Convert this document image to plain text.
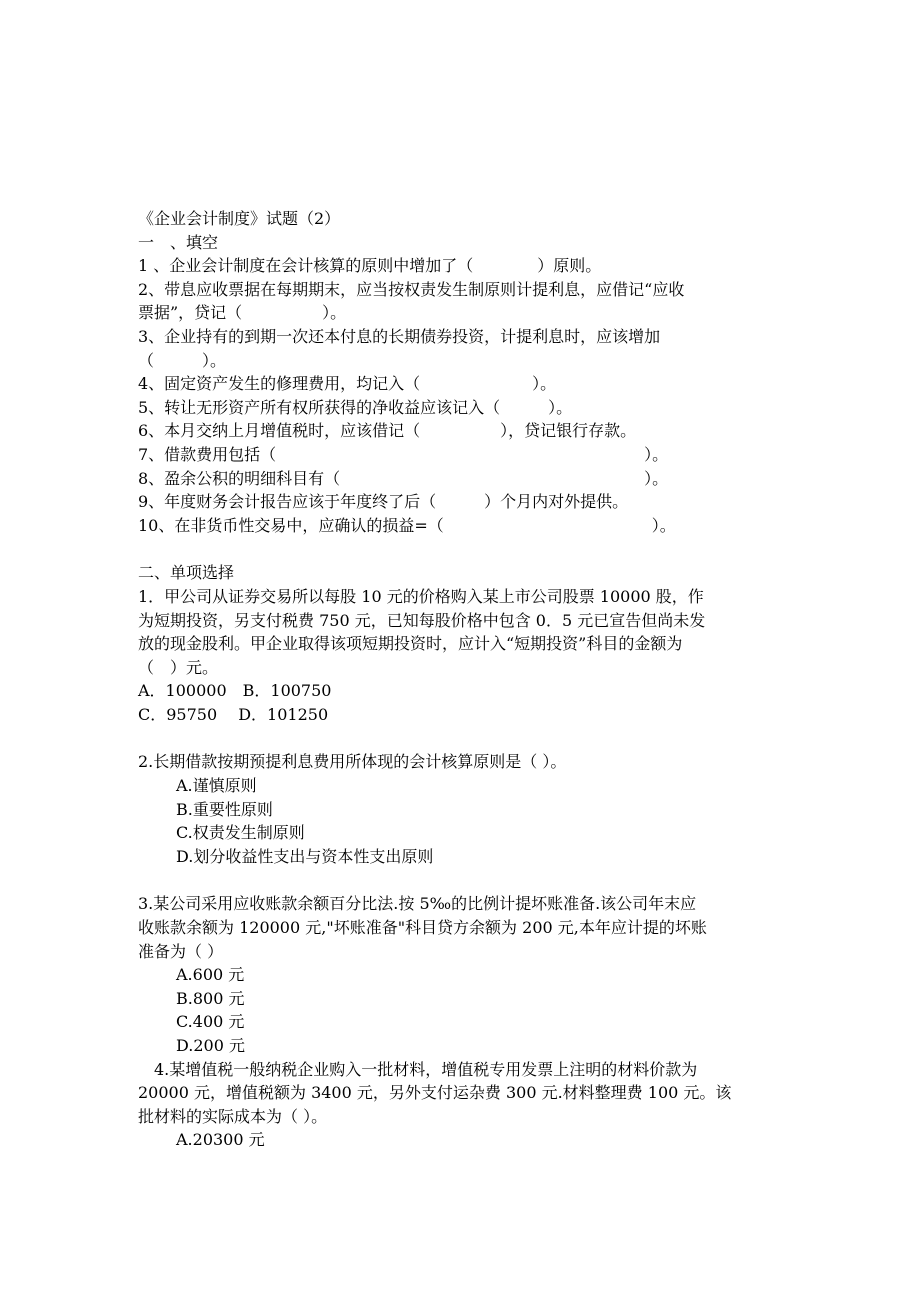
《企业会计制度》试题（2）
一　、填空
1 、企业会计制度在会计核算的原则中增加了（　　　　）原则。
2、带息应收票据在每期期末，应当按权责发生制原则计提利息，应借记“应收
票据”，贷记（　　　　　）。
3、企业持有的到期一次还本付息的长期债券投资，计提利息时，应该增加
（　　　）。
4、固定资产发生的修理费用，均记入（　　　　　　　）。
5、转让无形资产所有权所获得的净收益应该记入（　　　）。
6、本月交纳上月增值税时，应该借记（　　　　　），贷记银行存款。
7、借款费用包括（　　　　　　　　　　　　　　　　　　　　　　　）。
8、盈余公积的明细科目有（　　　　　　　　　　　　　　　　　　　）。
9、年度财务会计报告应该于年度终了后（　　　）个月内对外提供。
10、在非货币性交易中，应确认的损益=（　　　　　　　　　　　　　）。
二、单项选择
1．甲公司从证券交易所以每股 10 元的价格购入某上市公司股票 10000 股，作
为短期投资，另支付税费 750 元，已知每股价格中包含 0．5 元已宣告但尚未发
放的现金股利。甲企业取得该项短期投资时，应计入“短期投资”科目的金额为
（　）元。
A．100000　B．100750
C．95750　 D．101250
2.长期借款按期预提利息费用所体现的会计核算原则是（ ）。
A.谨慎原则
B.重要性原则
C.权责发生制原则
D.划分收益性支出与资本性支出原则
3.某公司采用应收账款余额百分比法.按 5‰的比例计提坏账准备.该公司年末应
收账款余额为 120000 元,"坏账准备"科目贷方余额为 200 元,本年应计提的坏账
准备为（ ）
A.600 元
B.800 元
C.400 元
D.200 元
4.某增值税一般纳税企业购入一批材料，增值税专用发票上注明的材料价款为
20000 元，增值税额为 3400 元，另外支付运杂费 300 元.材料整理费 100 元。该
批材料的实际成本为（ ）。
A.20300 元
